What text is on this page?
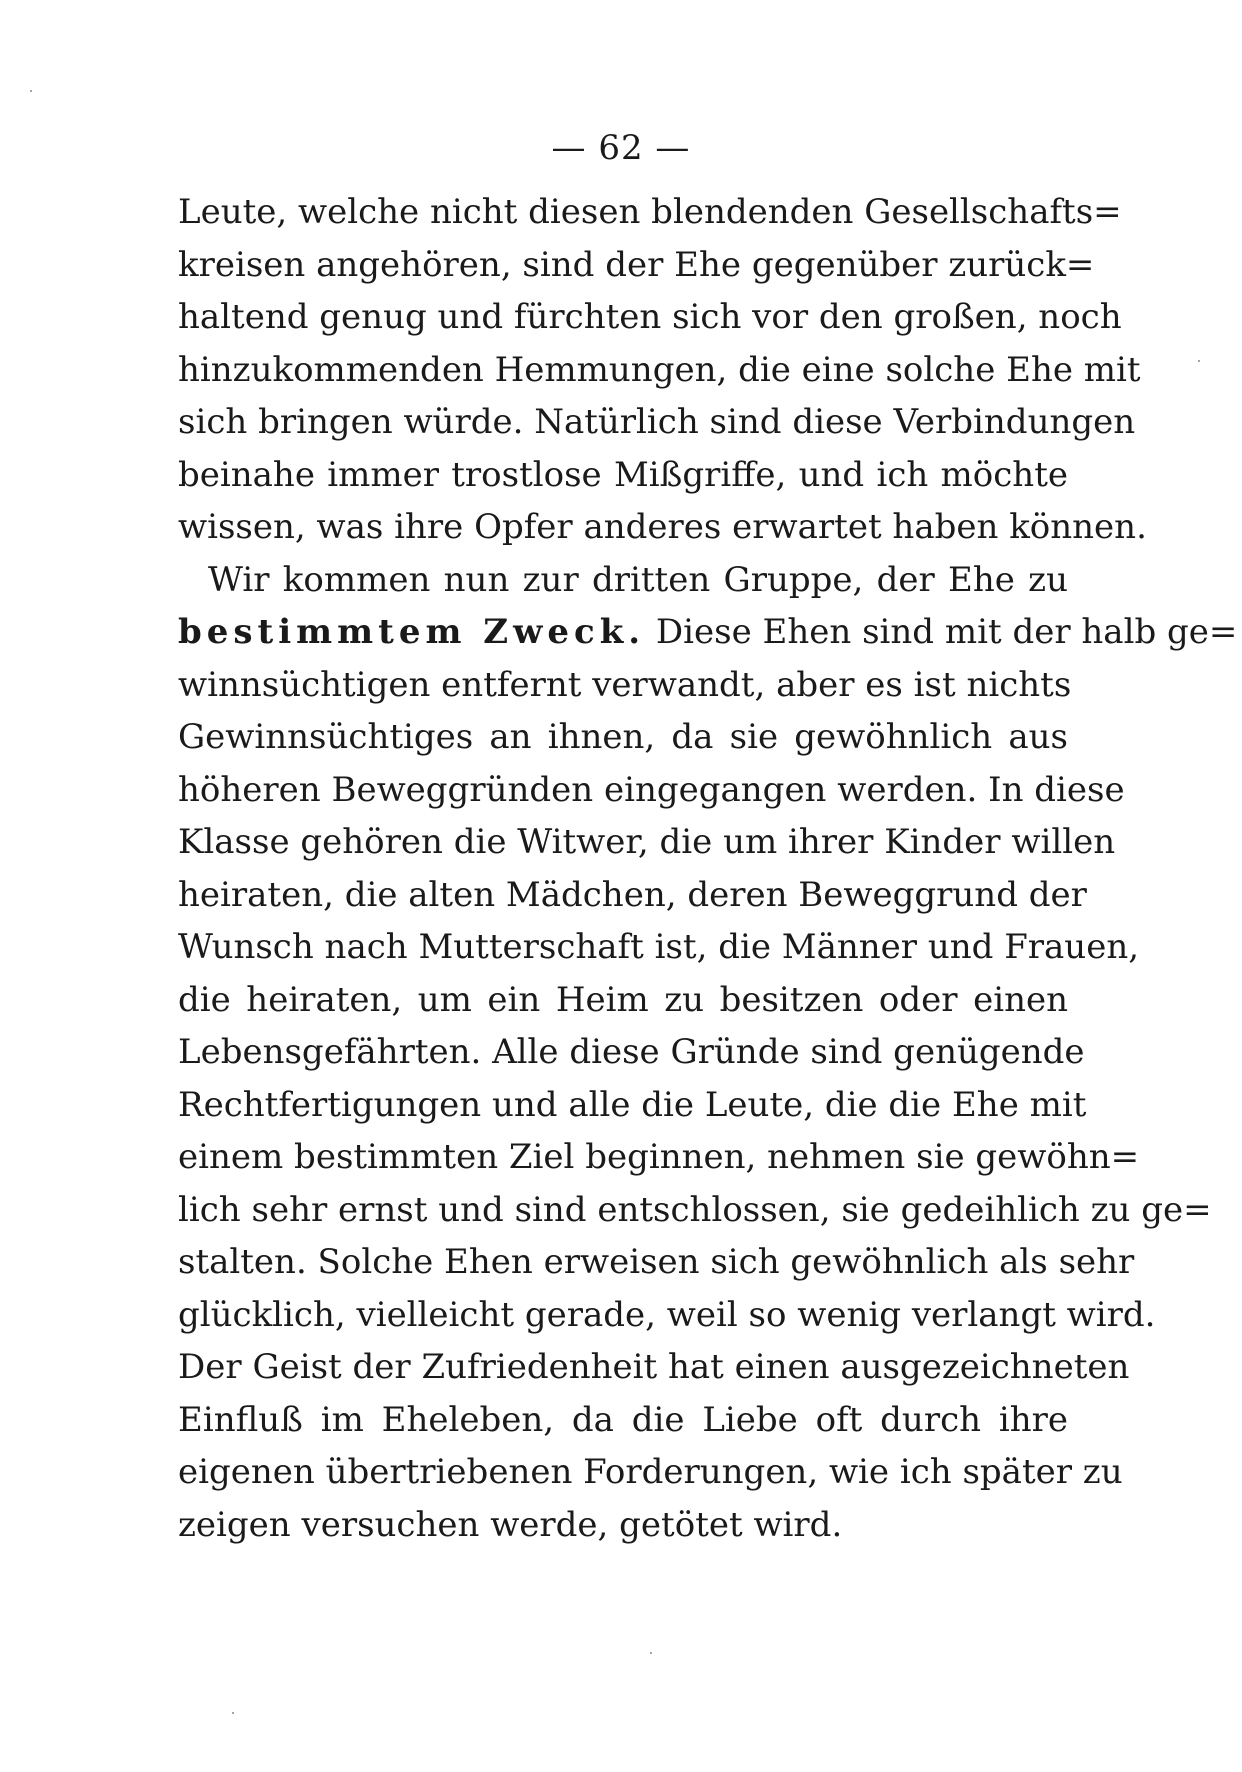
— 62 —
Leute, welche nicht diesen blendenden Gesellschafts=
kreisen angehören, sind der Ehe gegenüber zurück=
haltend genug und fürchten sich vor den großen, noch
hinzukommenden Hemmungen, die eine solche Ehe mit
sich bringen würde. Natürlich sind diese Verbindungen
beinahe immer trostlose Mißgriffe, und ich möchte
wissen, was ihre Opfer anderes erwartet haben können.
Wir kommen nun zur dritten Gruppe, der Ehe zu
bestimmtem Zweck. Diese Ehen sind mit der halb ge=
winnsüchtigen entfernt verwandt, aber es ist nichts
Gewinnsüchtiges an ihnen, da sie gewöhnlich aus
höheren Beweggründen eingegangen werden. In diese
Klasse gehören die Witwer, die um ihrer Kinder willen
heiraten, die alten Mädchen, deren Beweggrund der
Wunsch nach Mutterschaft ist, die Männer und Frauen,
die heiraten, um ein Heim zu besitzen oder einen
Lebensgefährten. Alle diese Gründe sind genügende
Rechtfertigungen und alle die Leute, die die Ehe mit
einem bestimmten Ziel beginnen, nehmen sie gewöhn=
lich sehr ernst und sind entschlossen, sie gedeihlich zu ge=
stalten. Solche Ehen erweisen sich gewöhnlich als sehr
glücklich, vielleicht gerade, weil so wenig verlangt wird.
Der Geist der Zufriedenheit hat einen ausgezeichneten
Einfluß im Eheleben, da die Liebe oft durch ihre
eigenen übertriebenen Forderungen, wie ich später zu
zeigen versuchen werde, getötet wird.
